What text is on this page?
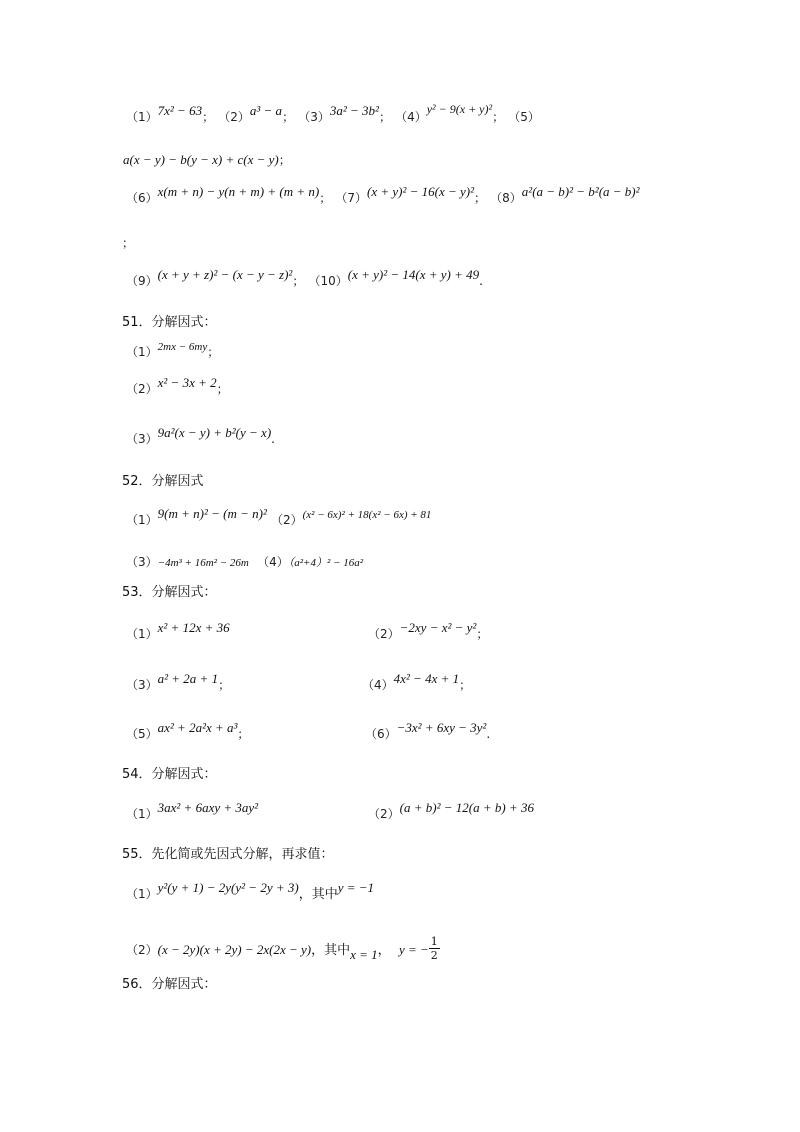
（1）7x² − 63； （2）a³ − a； （3）3a² − 3b²； （4）y² − 9(x + y)²； （5）
a(x − y) − b(y − x) + c(x − y)；
（6）x(m + n) − y(n + m) + (m + n)； （7）(x + y)² − 16(x − y)²； （8）a²(a − b)² − b²(a − b)²
；
（9）(x + y + z)² − (x − y − z)²； （10）(x + y)² − 14(x + y) + 49.
51．分解因式：
$(1)^{2mx - 6my}$；
（2）x² − 3x + 2；
（3）9a²(x − y) + b²(y − x).
52．分解因式
（1）9(m + n)² − (m − n)² $(2)^{(x^2 - 6x)^2 + 18(x^2 - 6x) + 81}$
（3）−4m³ + 16m² − 26m （4）（a²+4）² − 16a²
53．分解因式：
（1）x² + 12x + 36	（2）−2xy − x² − y²；
（3）a² + 2a + 1；	（4）4x² − 4x + 1；
（5）ax² + 2a²x + a³；	（6）−3x² + 6xy − 3y².
54．分解因式：
（1）3ax² + 6axy + 3ay²	（2）(a + b)² − 12(a + b) + 36
55．先化简或先因式分解，再求值：
（1）y²(y + 1) − 2y(y² − 2y + 3)，其中y = −1
（2）(x − 2y)(x + 2y) − 2x(2x − y)，其中x = 1， y = − $\frac{1}{2}$
56．分解因式：
